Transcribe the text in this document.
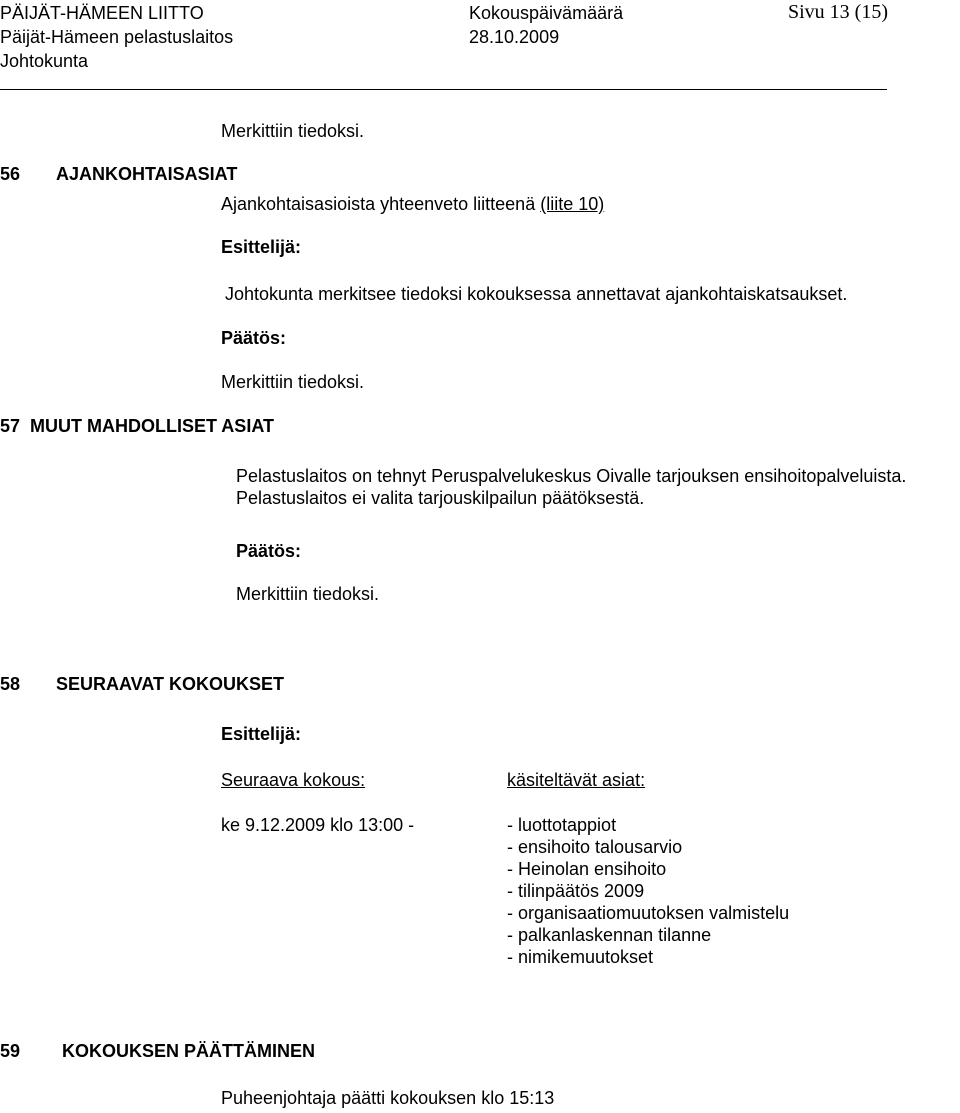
PÄIJÄT-HÄMEEN LIITTO	Kokouspäivämäärä	Sivu 13 (15)
Päijät-Hämeen pelastuslaitos	28.10.2009
Johtokunta
Merkittiin tiedoksi.
56 AJANKOHTAISASIAT
Ajankohtaisasioista yhteenveto liitteenä (liite 10)
Esittelijä:
Johtokunta merkitsee tiedoksi kokouksessa annettavat ajankohtaiskatsaukset.
Päätös:
Merkittiin tiedoksi.
57 MUUT MAHDOLLISET ASIAT
Pelastuslaitos on tehnyt Peruspalvelukeskus Oivalle tarjouksen ensihoitopalveluista.
Pelastuslaitos ei valita tarjouskilpailun päätöksestä.
Päätös:
Merkittiin tiedoksi.
58 SEURAAVAT KOKOUKSET
Esittelijä:
Seuraava kokous:	käsiteltävät asiat:
ke 9.12.2009 klo 13:00 -	- luottotappiot
- ensihoito talousarvio
- Heinolan ensihoito
- tilinpäätös 2009
- organisaatiomuutoksen valmistelu
- palkanlaskennan tilanne
- nimikemuutokset
59 KOKOUKSEN PÄÄTTÄMINEN
Puheenjohtaja päätti kokouksen klo 15:13
